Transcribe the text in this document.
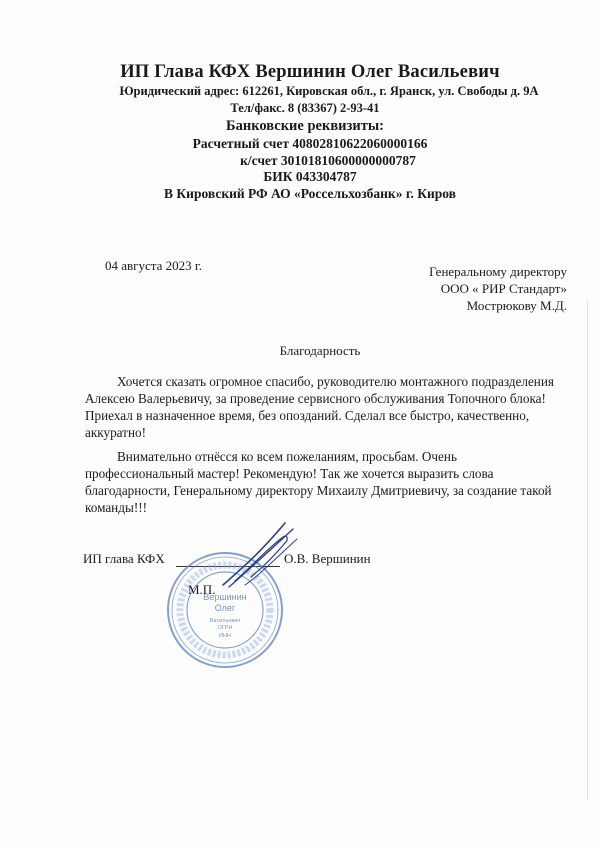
ИП Глава КФХ Вершинин Олег Васильевич
Юридический адрес: 612261, Кировская обл., г. Яранск, ул. Свободы д. 9А
Тел/факс. 8 (83367) 2-93-41
Банковские реквизиты:
Расчетный счет 40802810622060000166
к/счет 30101810600000000787
БИК 043304787
В Кировский РФ АО «Россельхозбанк» г. Киров
04 августа 2023 г.	Генеральному директору
ООО « РИР Стандарт»
Мострюкову М.Д.
Благодарность

Хочется сказать огромное спасибо, руководителю монтажного подразделения Алексею Валерьевичу, за проведение сервисного обслуживания Топочного блока! Приехал в назначенное время, без опозданий. Сделал все быстро, качественно, аккуратно!

Внимательно отнёсся ко всем пожеланиям, просьбам. Очень профессиональный мастер! Рекомендую! Так же хочется выразить слова благодарности, Генеральному директору Михаилу Дмитриевичу, за создание такой команды!!!

ИП глава КФХ	О.В. Вершинин
Вершинин
Олег
Васильевич
ОГРН
ИНН
М.П.
